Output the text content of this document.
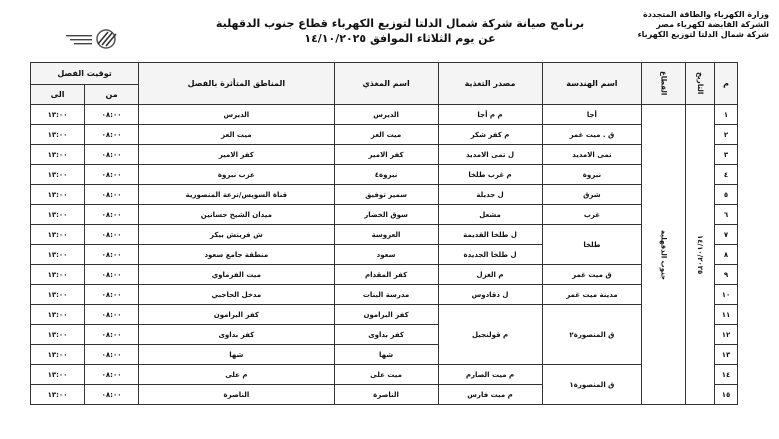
وزارة الكهرباء والطاقة المتجددة
الشركة القابضة لكهرباء مصر
شركة شمال الدلتا لتوزيع الكهرباء
برنامج صيانة شركة شمال الدلتا لتوزيع الكهرباء قطاع جنوب الدقهلية
عن يوم الثلاثاء الموافق ١٤/١٠/٢٠٢٥
توقيت الفصل		المناطق المتأثرة بالفصل	اسم المغذي	مصدر التغذية	اسم الهندسة	القطاع	التاريخ	م
الى	من							
١٣:٠٠	٠٨:٠٠	الديرس	الديرس	م م أجا	أجا	جنوب الدقهلية	١٤/١٠/٢٠٢٥	١
١٣:٠٠	٠٨:٠٠	ميت العز	ميت العز	م كفر شكر	ق . ميت غمر			٢
١٣:٠٠	٠٨:٠٠	كفر الامير	كفر الامير	ل تمى الامديد	تمى الامديد			٣
١٣:٠٠	٠٨:٠٠	عزب نبروة	نبروة٤	م غرب طلخا	نبروة			٤
١٣:٠٠	٠٨:٠٠	قناة السويس/ترعة المنصورية	سمير توفيق	ل جديلة	شرق			٥
١٣:٠٠	٠٨:٠٠	ميدان الشيخ حسانين	سوق الخضار	مشعل	غرب			٦
١٣:٠٠	٠٨:٠٠	ش فريتش بيكر	العروسة	ل طلخا القديمة	طلخا			٧
١٣:٠٠	٠٨:٠٠	منطقة جامع سعود	سعود	ل طلخا الجديدة				٨
١٣:٠٠	٠٨:٠٠	ميت الفرماوي	كفر المقدام	م الغزل	ق ميت غمر			٩
١٣:٠٠	٠٨:٠٠	مدخل الحاجبي	مدرسة البنات	ل دقادوس	مدينة ميت غمر			١٠
١٣:٠٠	٠٨:٠٠	كفر البرامون	كفر البرامون	م قولنجيل	ق المنصورة٢			١١
١٣:٠٠	٠٨:٠٠	كفر بداوى	كفر بداوى					١٢
١٣:٠٠	٠٨:٠٠	شها	شها					١٣
١٣:٠٠	٠٨:٠٠	م على	ميت على	م ميت الصارم	ق المنصورة١			١٤
١٣:٠٠	٠٨:٠٠	الناصرة	الناصرة	م ميت فارس				١٥
